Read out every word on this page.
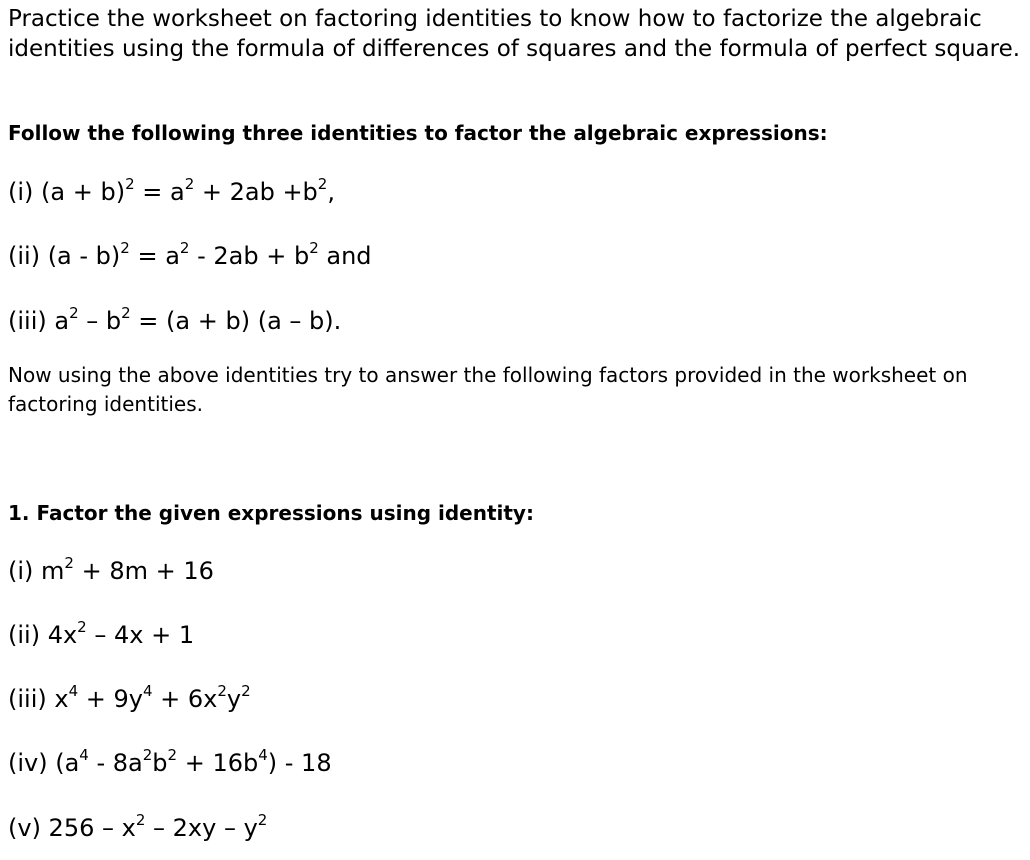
Practice the worksheet on factoring identities to know how to factorize the algebraic identities using the formula of differences of squares and the formula of perfect square.

Follow the following three identities to factor the algebraic expressions:

(i) $(a + b)^2 = a^2 + 2ab +b^2$,

(ii) $(a - b)^2 = a^2 - 2ab + b^2$ and

(iii) $a^2 - b^2 = (a + b)$ (a – b).

Now using the above identities try to answer the following factors provided in the worksheet on factoring identities.

1. Factor the given expressions using identity:

(i) $m^2 + 8m + 16$

(ii) $4x^2 - 4x + 1$

(iii) $x^4 + 9y^4 + 6x^2y^2$

(iv) $(a^4 - 8a^2b^2 + 16b^4) - 18$

(v) $256 - x^2 - 2xy - y^2$
